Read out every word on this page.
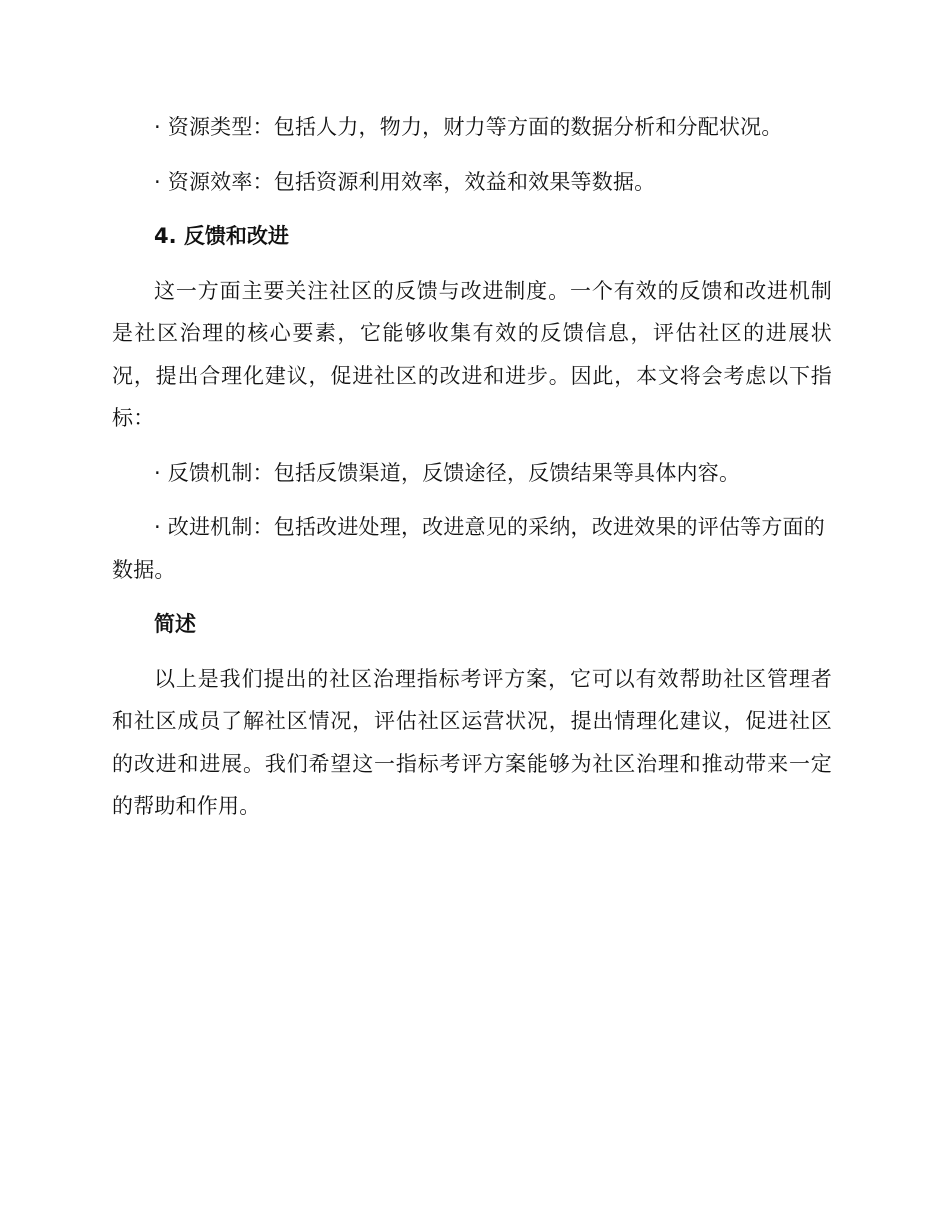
· 资源类型：包括人力，物力，财力等方面的数据分析和分配状况。

· 资源效率：包括资源利用效率，效益和效果等数据。

4. 反馈和改进

这一方面主要关注社区的反馈与改进制度。一个有效的反馈和改进机制是社区治理的核心要素，它能够收集有效的反馈信息，评估社区的进展状况，提出合理化建议，促进社区的改进和进步。因此，本文将会考虑以下指标：

· 反馈机制：包括反馈渠道，反馈途径，反馈结果等具体内容。

· 改进机制：包括改进处理，改进意见的采纳，改进效果的评估等方面的数据。

简述

以上是我们提出的社区治理指标考评方案，它可以有效帮助社区管理者和社区成员了解社区情况，评估社区运营状况，提出情理化建议，促进社区的改进和进展。我们希望这一指标考评方案能够为社区治理和推动带来一定的帮助和作用。
